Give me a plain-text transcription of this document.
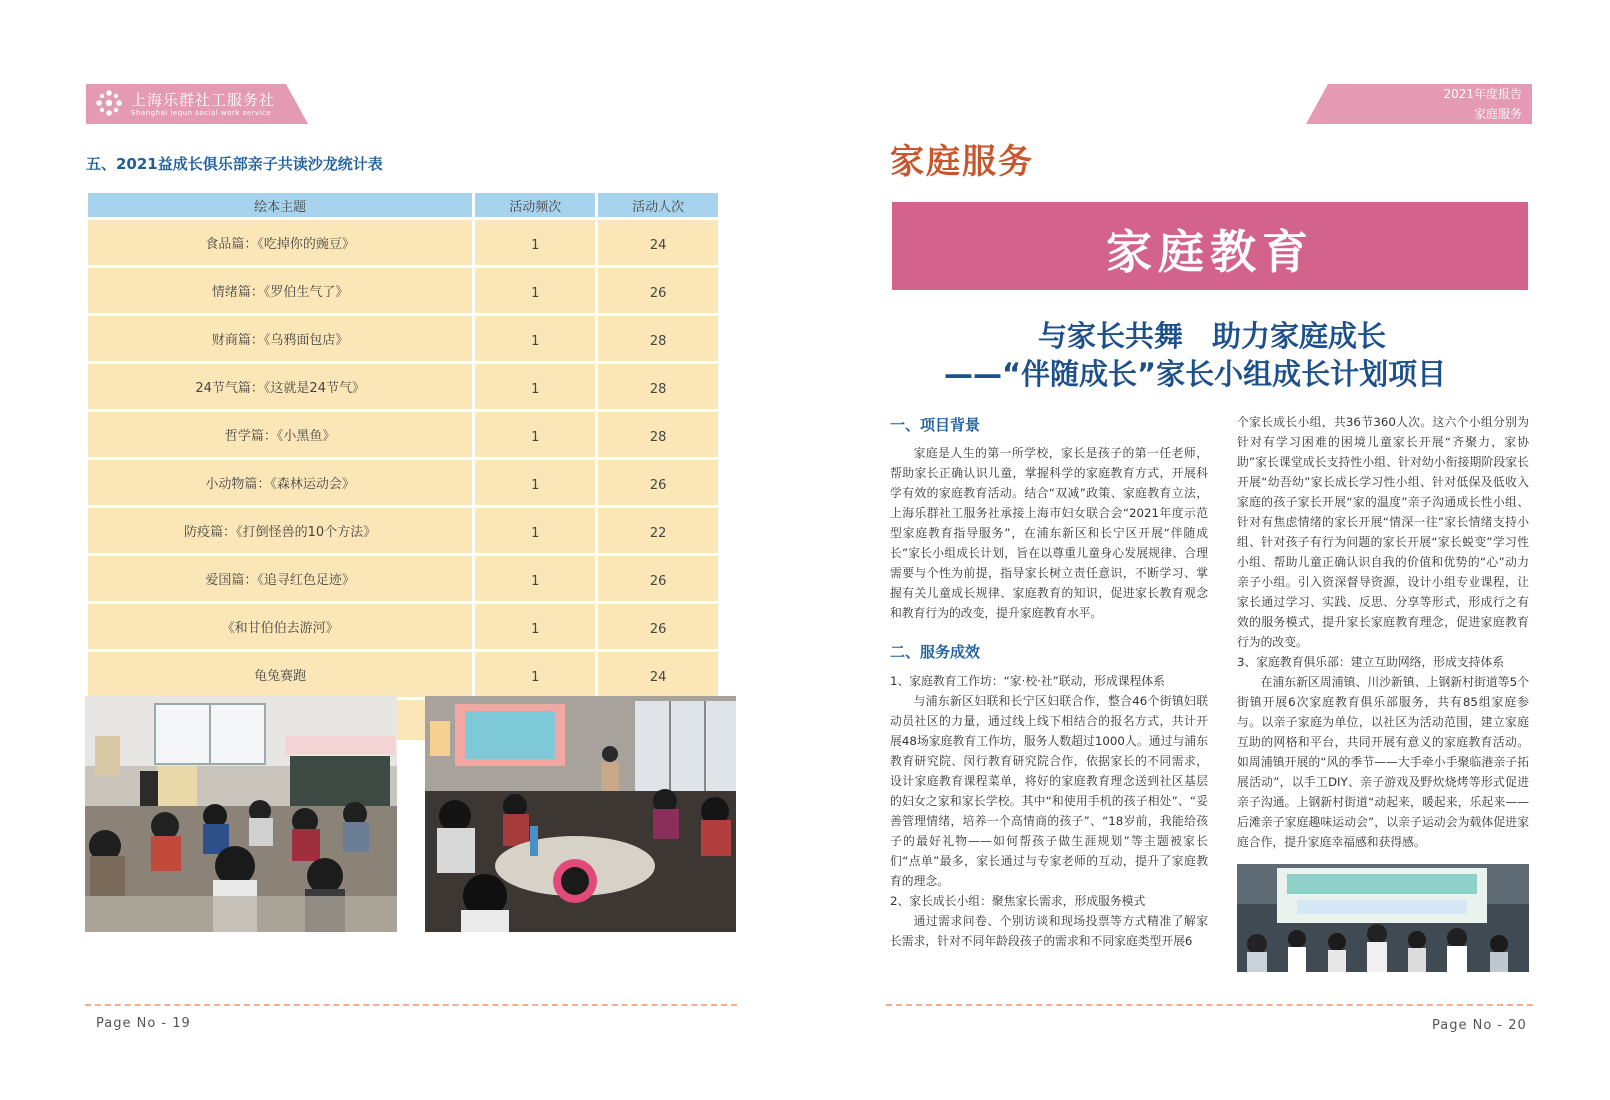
上海乐群社工服务社
Shanghai lequn social work service
五、2021益成长俱乐部亲子共读沙龙统计表
绘本主题	活动频次	活动人次
食品篇：《吃掉你的豌豆》	1	24
情绪篇：《罗伯生气了》	1	26
财商篇：《乌鸦面包店》	1	28
24节气篇：《这就是24节气》	1	28
哲学篇：《小黑鱼》	1	28
小动物篇：《森林运动会》	1	26
防疫篇：《打倒怪兽的10个方法》	1	22
爱国篇：《追寻红色足迹》	1	26
《和甘伯伯去游河》	1	26
龟兔赛跑	1	24

Page No - 19
2021年度报告
家庭服务
家庭服务
家庭教育
与家长共舞　助力家庭成长
——“伴随成长”家长小组成长计划项目
一、项目背景

家庭是人生的第一所学校，家长是孩子的第一任老师，帮助家长正确认识儿童，掌握科学的家庭教育方式，开展科学有效的家庭教育活动。结合“双减”政策、家庭教育立法，上海乐群社工服务社承接上海市妇女联合会“2021年度示范型家庭教育指导服务”，在浦东新区和长宁区开展“伴随成长”家长小组成长计划，旨在以尊重儿童身心发展规律、合理需要与个性为前提，指导家长树立责任意识，不断学习、掌握有关儿童成长规律、家庭教育的知识，促进家长教育观念和教育行为的改变，提升家庭教育水平。

二、服务成效

1、家庭教育工作坊：“家·校·社”联动，形成课程体系

与浦东新区妇联和长宁区妇联合作，整合46个街镇妇联动员社区的力量，通过线上线下相结合的报名方式，共计开展48场家庭教育工作坊，服务人数超过1000人。通过与浦东教育研究院、闵行教育研究院合作，依据家长的不同需求，设计家庭教育课程菜单，将好的家庭教育理念送到社区基层的妇女之家和家长学校。其中“和使用手机的孩子相处”、“妥善管理情绪，培养一个高情商的孩子”、“18岁前，我能给孩子的最好礼物——如何帮孩子做生涯规划”等主题被家长们“点单”最多，家长通过与专家老师的互动，提升了家庭教育的理念。

2、家长成长小组：聚焦家长需求，形成服务模式

通过需求问卷、个别访谈和现场投票等方式精准了解家长需求，针对不同年龄段孩子的需求和不同家庭类型开展6

个家长成长小组，共36节360人次。这六个小组分别为针对有学习困难的困境儿童家长开展“齐聚力，家协助”家长课堂成长支持性小组、针对幼小衔接期阶段家长开展“幼吾幼”家长成长学习性小组、针对低保及低收入家庭的孩子家长开展“家的温度”亲子沟通成长性小组、针对有焦虑情绪的家长开展“情深一往”家长情绪支持小组、针对孩子有行为问题的家长开展“家长蜕变”学习性小组、帮助儿童正确认识自我的价值和优势的“心”动力亲子小组。引入资深督导资源，设计小组专业课程，让家长通过学习、实践、反思、分享等形式，形成行之有效的服务模式，提升家长家庭教育理念，促进家庭教育行为的改变。

3、家庭教育俱乐部：建立互助网络，形成支持体系

在浦东新区周浦镇、川沙新镇、上钢新村街道等5个街镇开展6次家庭教育俱乐部服务，共有85组家庭参与。以亲子家庭为单位，以社区为活动范围，建立家庭互助的网格和平台，共同开展有意义的家庭教育活动。如周浦镇开展的“风的季节——大手牵小手聚临港亲子拓展活动”，以手工DIY、亲子游戏及野炊烧烤等形式促进亲子沟通。上钢新村街道“动起来，暖起来，乐起来——后滩亲子家庭趣味运动会”，以亲子运动会为载体促进家庭合作，提升家庭幸福感和获得感。

Page No - 20
